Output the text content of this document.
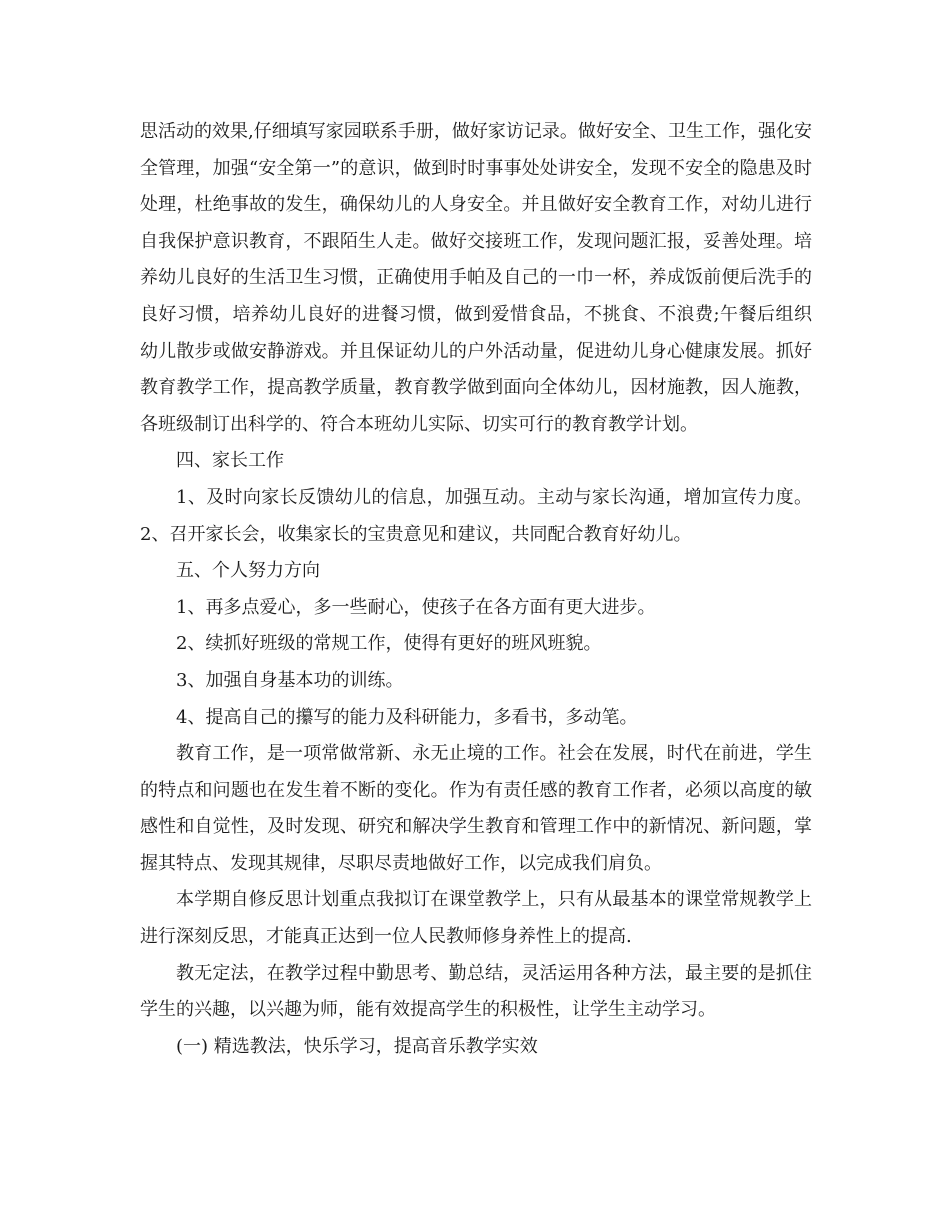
思活动的效果,仔细填写家园联系手册，做好家访记录。做好安全、卫生工作，强化安全管理，加强“安全第一”的意识，做到时时事事处处讲安全，发现不安全的隐患及时处理，杜绝事故的发生，确保幼儿的人身安全。并且做好安全教育工作，对幼儿进行自我保护意识教育，不跟陌生人走。做好交接班工作，发现问题汇报，妥善处理。培养幼儿良好的生活卫生习惯，正确使用手帕及自己的一巾一杯，养成饭前便后洗手的良好习惯，培养幼儿良好的进餐习惯，做到爱惜食品，不挑食、不浪费;午餐后组织幼儿散步或做安静游戏。并且保证幼儿的户外活动量，促进幼儿身心健康发展。抓好教育教学工作，提高教学质量，教育教学做到面向全体幼儿，因材施教，因人施教，各班级制订出科学的、符合本班幼儿实际、切实可行的教育教学计划。

四、家长工作

1、及时向家长反馈幼儿的信息，加强互动。主动与家长沟通，增加宣传力度。 2、召开家长会，收集家长的宝贵意见和建议，共同配合教育好幼儿。

五、个人努力方向

1、再多点爱心，多一些耐心，使孩子在各方面有更大进步。

2、续抓好班级的常规工作，使得有更好的班风班貌。

3、加强自身基本功的训练。

4、提高自己的攥写的能力及科研能力，多看书，多动笔。

教育工作，是一项常做常新、永无止境的工作。社会在发展，时代在前进，学生的特点和问题也在发生着不断的变化。作为有责任感的教育工作者，必须以高度的敏感性和自觉性，及时发现、研究和解决学生教育和管理工作中的新情况、新问题，掌握其特点、发现其规律，尽职尽责地做好工作，以完成我们肩负。

本学期自修反思计划重点我拟订在课堂教学上，只有从最基本的课堂常规教学上进行深刻反思，才能真正达到一位人民教师修身养性上的提高.

教无定法，在教学过程中勤思考、勤总结，灵活运用各种方法，最主要的是抓住学生的兴趣，以兴趣为师，能有效提高学生的积极性，让学生主动学习。

(一) 精选教法，快乐学习，提高音乐教学实效
